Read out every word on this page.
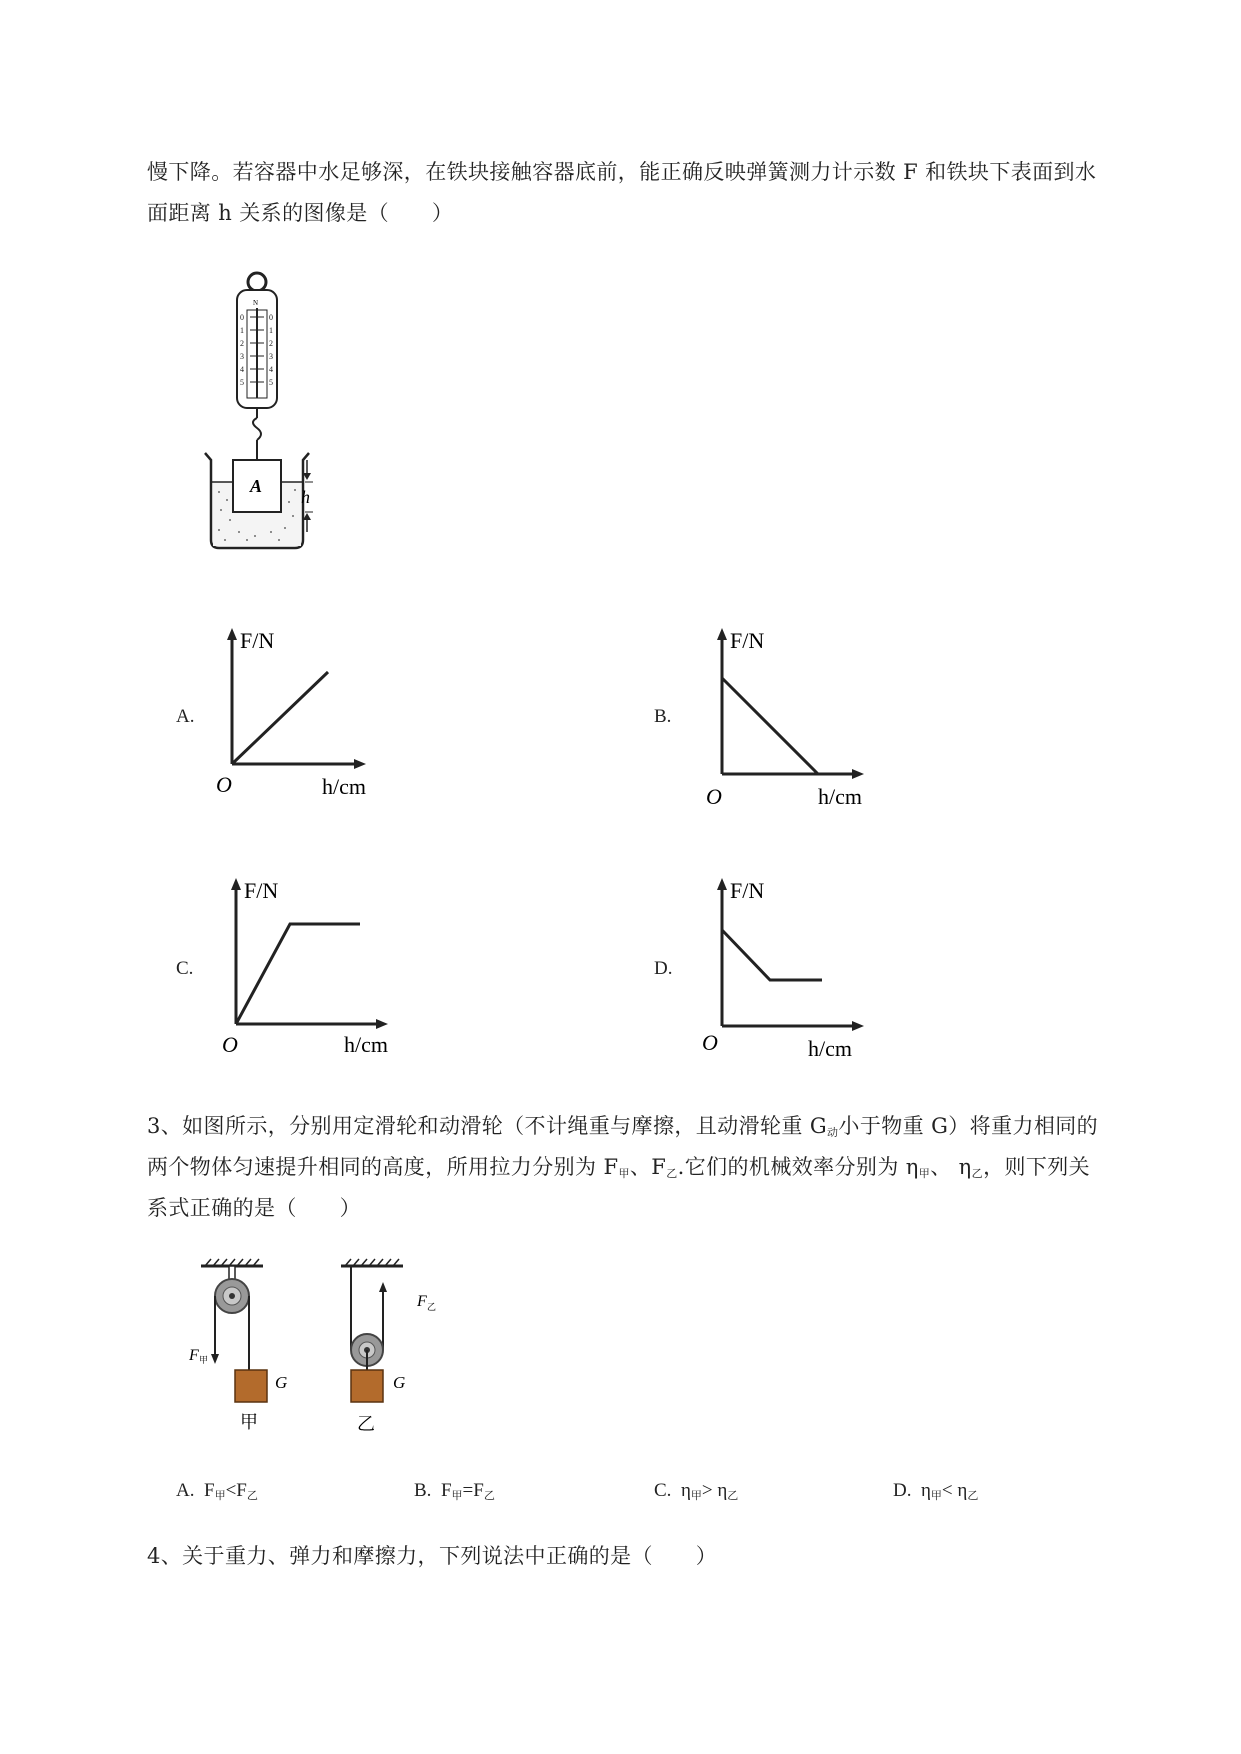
慢下降。若容器中水足够深，在铁块接触容器底前，能正确反映弹簧测力计示数 F 和铁块下表面到水
面距离 h 关系的图像是（　　）
N
0
1
2
3
4
5
0
1
2
3
4
5
A
h
A.
F/N
O	h/cm
B.
F/N
O	h/cm
C.
F/N
O	h/cm
D.
F/N
O	h/cm
3、如图所示，分别用定滑轮和动滑轮（不计绳重与摩擦，且动滑轮重 $G_动$小于物重 G）将重力相同的
两个物体匀速提升相同的高度，所用拉力分别为 $F_甲$、$F_乙$.它们的机械效率分别为 $\eta_甲$、 $\eta_乙$，则下列关
系式正确的是（　　）
F 甲
G
甲
F 乙
G
乙
A. $F_甲<F_乙$	B. $F_甲=F_乙$	C. $\eta_甲> \eta_乙$	D. $\eta_甲< \eta_乙$
4、关于重力、弹力和摩擦力，下列说法中正确的是（　　）
